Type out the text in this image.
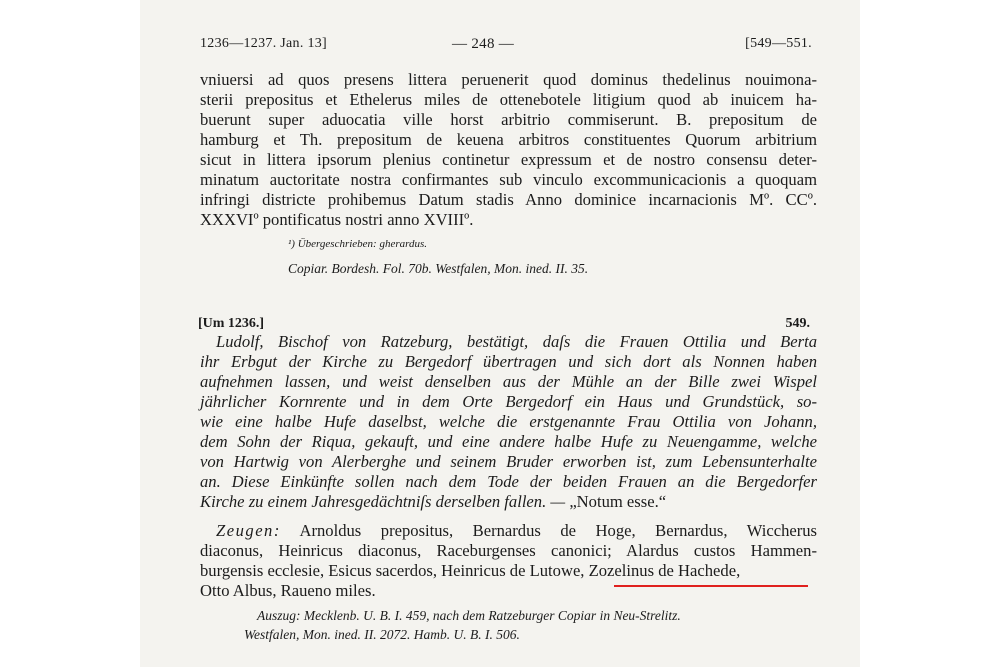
1236—1237. Jan. 13]	— 248 —	[549—551.
vniuersi ad quos presens littera peruenerit quod dominus thedelinus nouimona-
sterii prepositus et Ethelerus miles de ottenebotele litigium quod ab inuicem ha-
buerunt super aduocatia ville horst arbitrio commiserunt. B. prepositum de
hamburg et Th. prepositum de keuena arbitros constituentes Quorum arbitrium
sicut in littera ipsorum plenius continetur expressum et de nostro consensu deter-
minatum auctoritate nostra confirmantes sub vinculo excommunicacionis a quoquam
infringi districte prohibemus Datum stadis Anno dominice incarnacionis Mº. CCº.
XXXVIº pontificatus nostri anno XVIIIº.
¹) Übergeschrieben: gherardus.
Copiar. Bordesh. Fol. 70b. Westfalen, Mon. ined. II. 35.
[Um 1236.]	549.
Ludolf, Bischof von Ratzeburg, bestätigt, daſs die Frauen Ottilia und Berta
ihr Erbgut der Kirche zu Bergedorf übertragen und sich dort als Nonnen haben
aufnehmen lassen, und weist denselben aus der Mühle an der Bille zwei Wispel
jährlicher Kornrente und in dem Orte Bergedorf ein Haus und Grundstück, so-
wie eine halbe Hufe daselbst, welche die erstgenannte Frau Ottilia von Johann,
dem Sohn der Riqua, gekauft, und eine andere halbe Hufe zu Neuengamme, welche
von Hartwig von Alerberghe und seinem Bruder erworben ist, zum Lebensunterhalte
an. Diese Einkünfte sollen nach dem Tode der beiden Frauen an die Bergedorfer
Kirche zu einem Jahresgedächtniſs derselben fallen. — „Notum esse.“
Zeugen: Arnoldus prepositus, Bernardus de Hoge, Bernardus, Wiccherus
diaconus, Heinricus diaconus, Raceburgenses canonici; Alardus custos Hammen-
burgensis ecclesie, Esicus sacerdos, Heinricus de Lutowe, Zozelinus de Hachede,
Otto Albus, Raueno miles.
Auszug: Mecklenb. U. B. I. 459, nach dem Ratzeburger Copiar in Neu-Strelitz.
Westfalen, Mon. ined. II. 2072. Hamb. U. B. I. 506.
